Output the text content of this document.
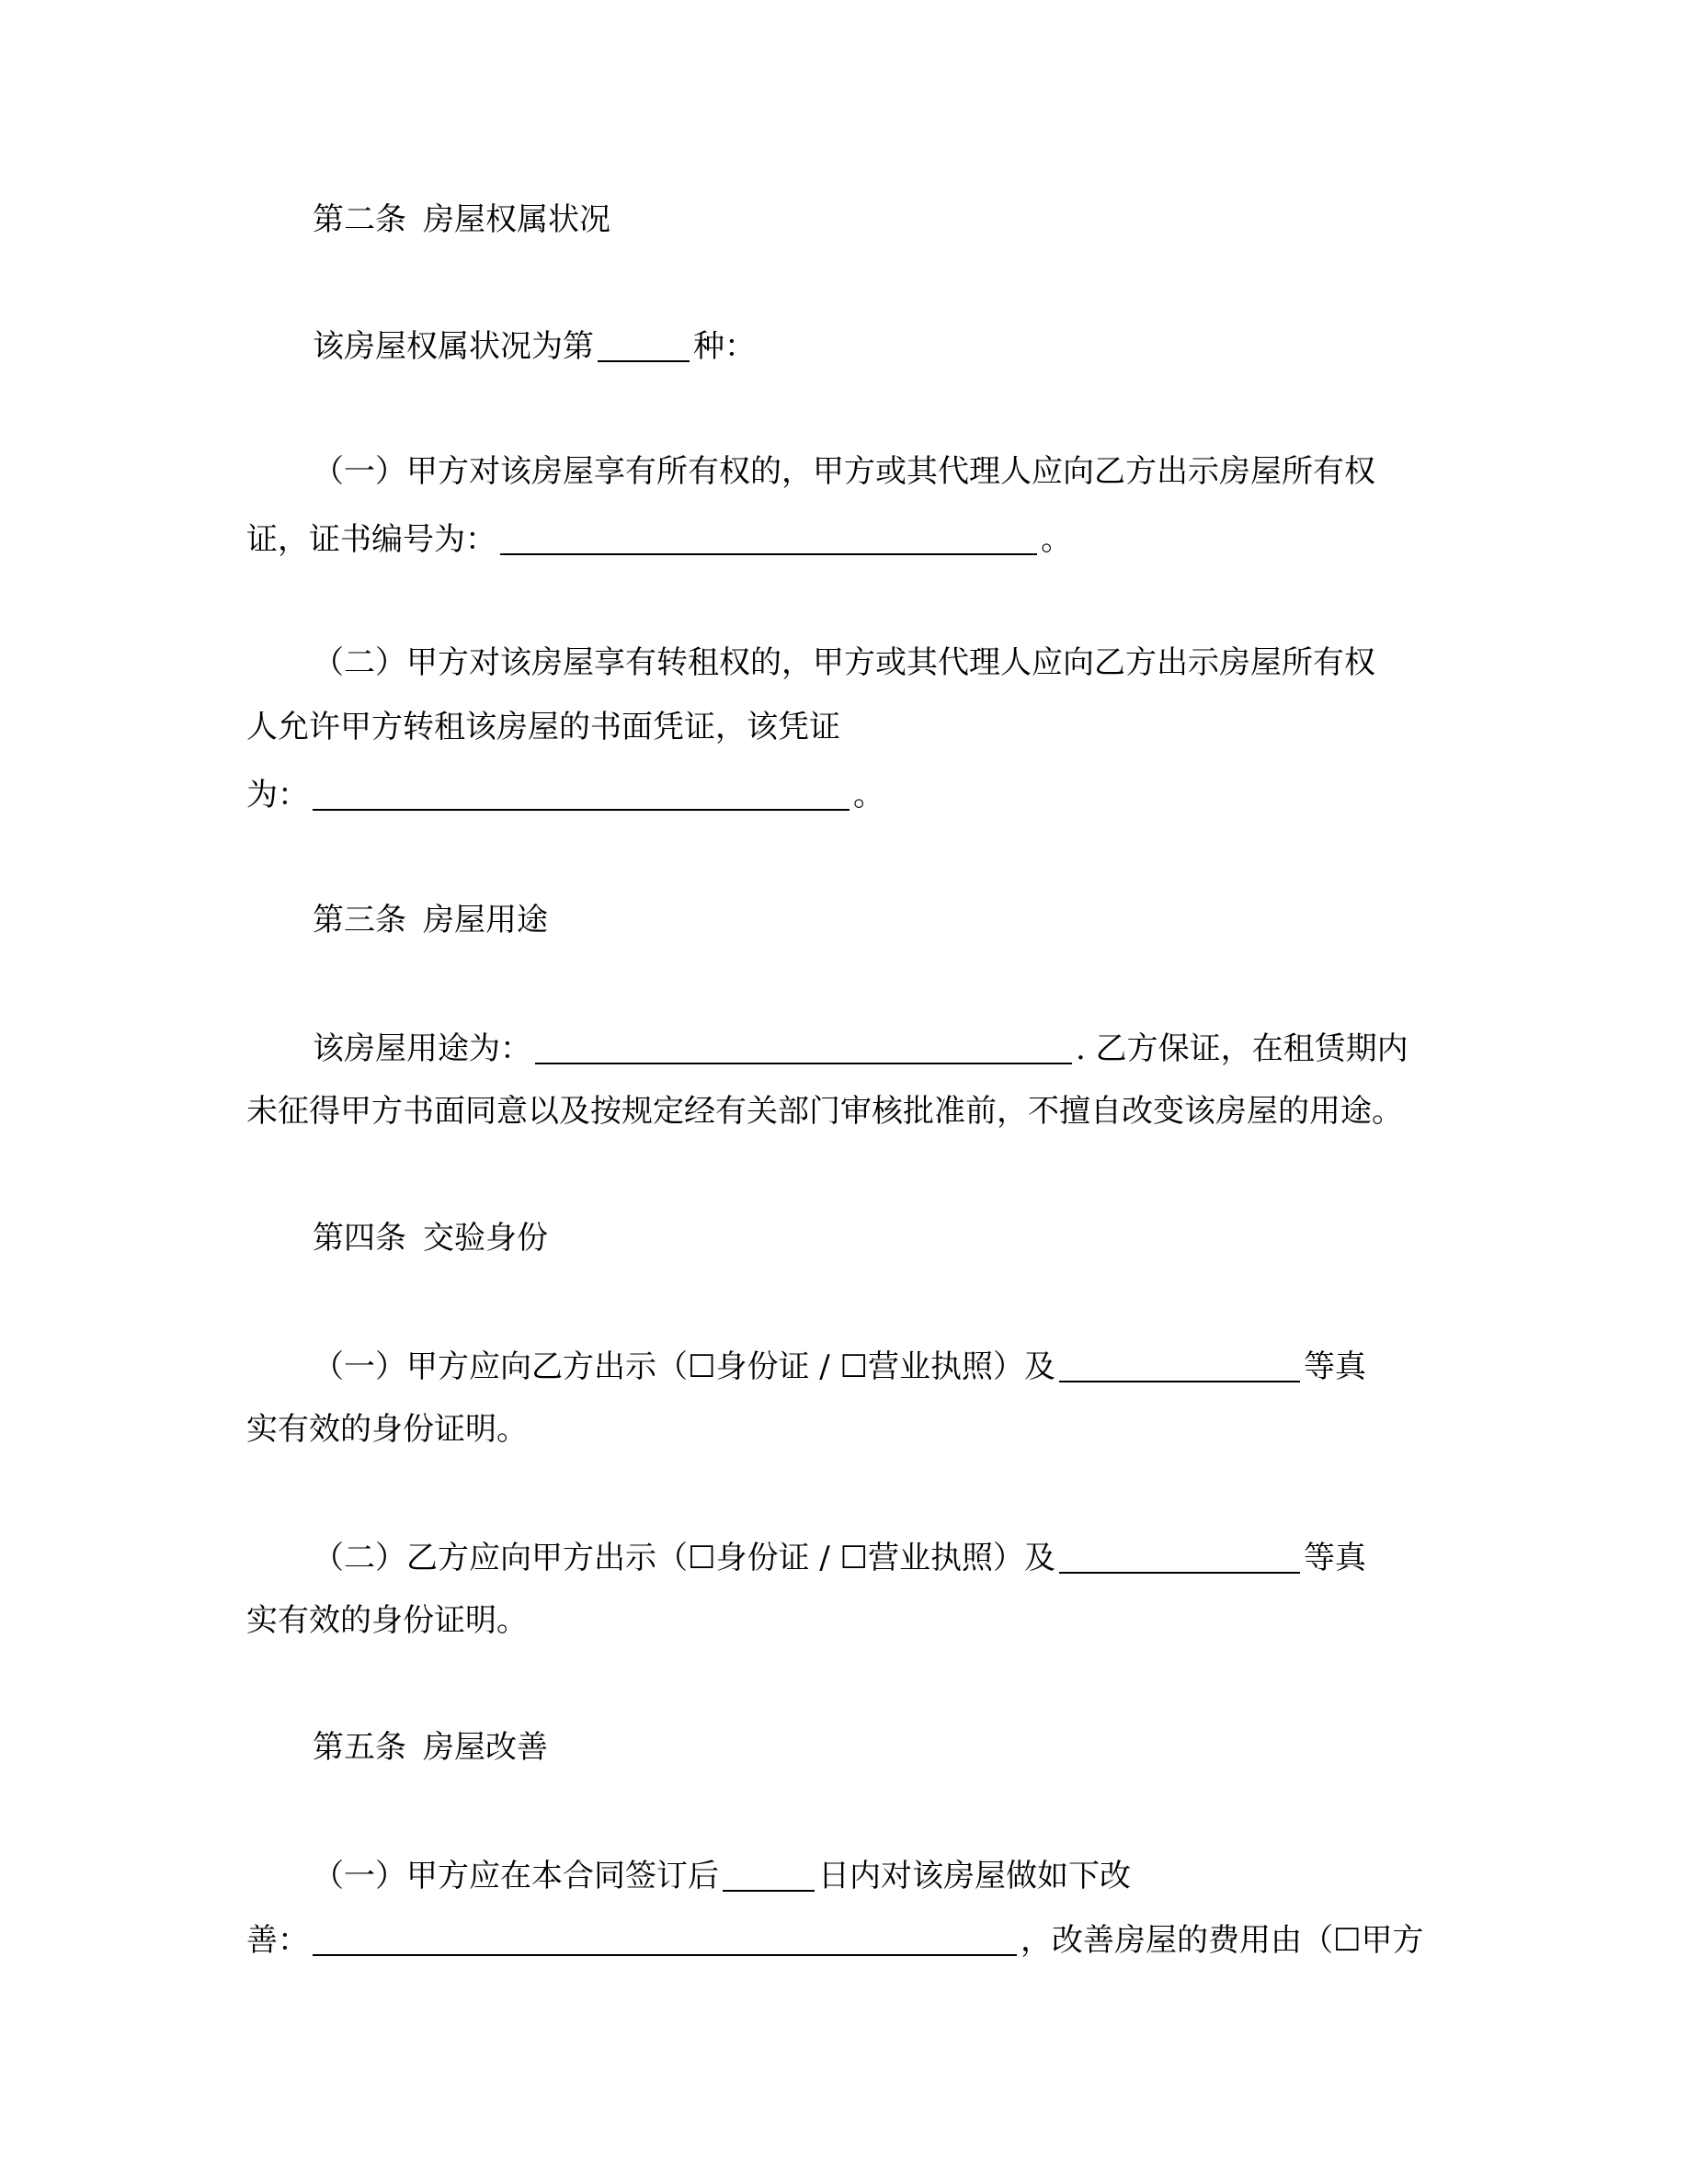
第二条 房屋权属状况
该房屋权属状况为第	种：
（一）甲方对该房屋享有所有权的，甲方或其代理人应向乙方出示房屋所有权
证，证书编号为：	。
（二）甲方对该房屋享有转租权的，甲方或其代理人应向乙方出示房屋所有权
人允许甲方转租该房屋的书面凭证，该凭证
为：	。
第三条 房屋用途
该房屋用途为：	. 乙方保证，在租赁期内
未征得甲方书面同意以及按规定经有关部门审核批准前，不擅自改变该房屋的用途。
第四条 交验身份
（一）甲方应向乙方出示（☐身份证 / ☐营业执照）及	等真
实有效的身份证明。
（二）乙方应向甲方出示（☐身份证 / ☐营业执照）及	等真
实有效的身份证明。
第五条 房屋改善
（一）甲方应在本合同签订后	日内对该房屋做如下改
善：	，改善房屋的费用由（☐甲方
